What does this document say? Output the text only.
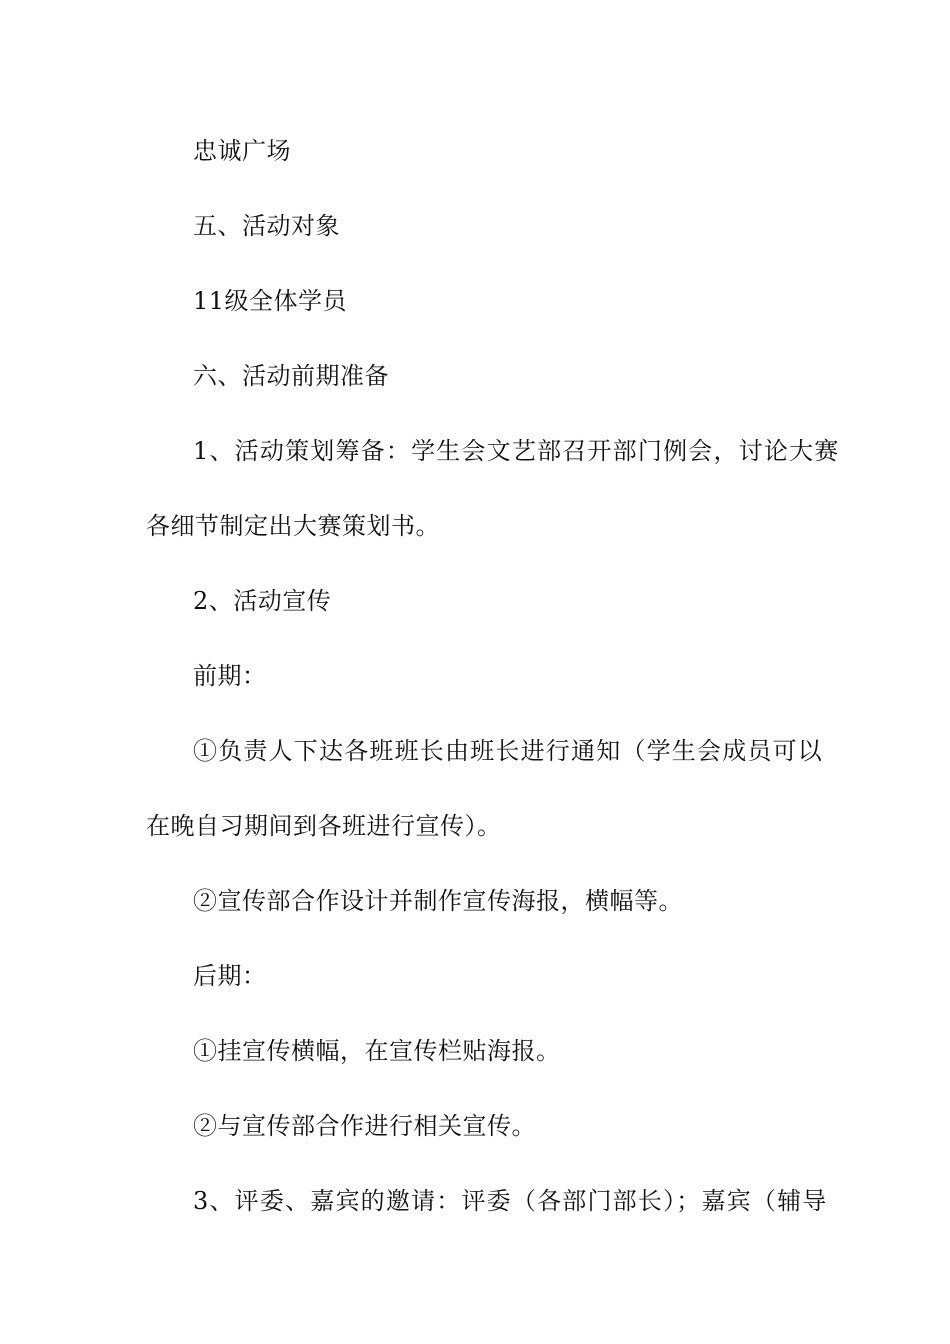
忠诚广场
五、活动对象
11级全体学员
六、活动前期准备
1、活动策划筹备：学生会文艺部召开部门例会，讨论大赛
各细节制定出大赛策划书。
2、活动宣传
前期：
①负责人下达各班班长由班长进行通知（学生会成员可以
在晚自习期间到各班进行宣传）。
②宣传部合作设计并制作宣传海报，横幅等。
后期：
①挂宣传横幅，在宣传栏贴海报。
②与宣传部合作进行相关宣传。
3、评委、嘉宾的邀请：评委（各部门部长）；嘉宾（辅导
